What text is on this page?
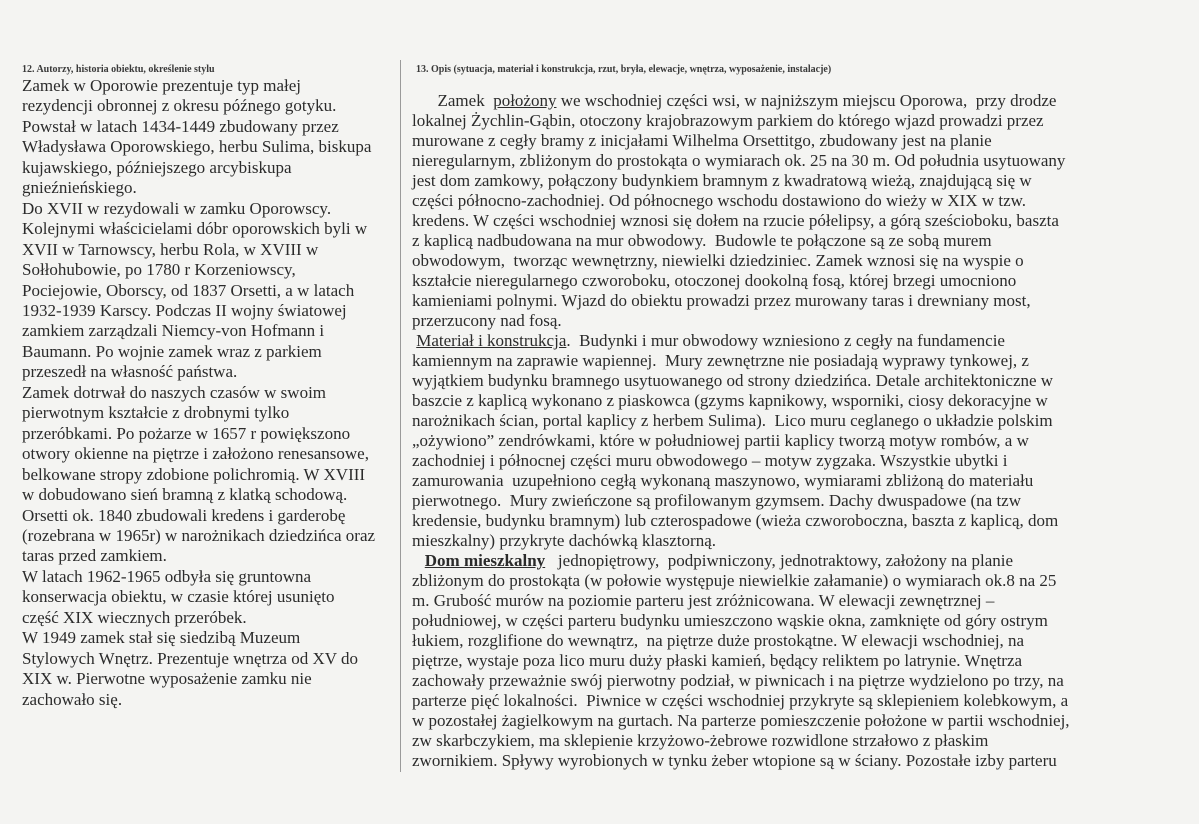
12. Autorzy, historia obiektu, określenie stylu
Zamek w Oporowie prezentuje typ małej
rezydencji obronnej z okresu późnego gotyku.
Powstał w latach 1434-1449 zbudowany przez
Władysława Oporowskiego, herbu Sulima, biskupa
kujawskiego, późniejszego arcybiskupa
gnieźnieńskiego.
Do XVII w rezydowali w zamku Oporowscy.
Kolejnymi właścicielami dóbr oporowskich byli w
XVII w Tarnowscy, herbu Rola, w XVIII w
Sołłohubowie, po 1780 r Korzeniowscy,
Pociejowie, Oborscy, od 1837 Orsetti, a w latach
1932-1939 Karscy. Podczas II wojny światowej
zamkiem zarządzali Niemcy-von Hofmann i
Baumann. Po wojnie zamek wraz z parkiem
przeszedł na własność państwa.
Zamek dotrwał do naszych czasów w swoim
pierwotnym kształcie z drobnymi tylko
przeróbkami. Po pożarze w 1657 r powiększono
otwory okienne na piętrze i założono renesansowe,
belkowane stropy zdobione polichromią. W XVIII
w dobudowano sień bramną z klatką schodową.
Orsetti ok. 1840 zbudowali kredens i garderobę
(rozebrana w 1965r) w narożnikach dziedzińca oraz
taras przed zamkiem.
W latach 1962-1965 odbyła się gruntowna
konserwacja obiektu, w czasie której usunięto
część XIX wiecznych przeróbek.
W 1949 zamek stał się siedzibą Muzeum
Stylowych Wnętrz. Prezentuje wnętrza od XV do
XIX w. Pierwotne wyposażenie zamku nie
zachowało się.
13. Opis (sytuacja, materiał i konstrukcja, rzut, bryła, elewacje, wnętrza, wyposażenie, instalacje)
Zamek  położony we wschodniej części wsi, w najniższym miejscu Oporowa,  przy drodze
lokalnej Żychlin-Gąbin, otoczony krajobrazowym parkiem do którego wjazd prowadzi przez
murowane z cegły bramy z inicjałami Wilhelma Orsettitgo, zbudowany jest na planie
nieregularnym, zbliżonym do prostokąta o wymiarach ok. 25 na 30 m. Od południa usytuowany
jest dom zamkowy, połączony budynkiem bramnym z kwadratową wieżą, znajdującą się w
części północno-zachodniej. Od północnego wschodu dostawiono do wieży w XIX w tzw.
kredens. W części wschodniej wznosi się dołem na rzucie półelipsy, a górą sześcioboku, baszta
z kaplicą nadbudowana na mur obwodowy.  Budowle te połączone są ze sobą murem
obwodowym,  tworząc wewnętrzny, niewielki dziedziniec. Zamek wznosi się na wyspie o
kształcie nieregularnego czworoboku, otoczonej dookolną fosą, której brzegi umocniono
kamieniami polnymi. Wjazd do obiektu prowadzi przez murowany taras i drewniany most,
przerzucony nad fosą.
Materiał i konstrukcja.  Budynki i mur obwodowy wzniesiono z cegły na fundamencie
kamiennym na zaprawie wapiennej.  Mury zewnętrzne nie posiadają wyprawy tynkowej, z
wyjątkiem budynku bramnego usytuowanego od strony dziedzińca. Detale architektoniczne w
baszcie z kaplicą wykonano z piaskowca (gzyms kapnikowy, wsporniki, ciosy dekoracyjne w
narożnikach ścian, portal kaplicy z herbem Sulima).  Lico muru ceglanego o układzie polskim
„ożywiono” zendrówkami, które w południowej partii kaplicy tworzą motyw rombów, a w
zachodniej i północnej części muru obwodowego – motyw zygzaka. Wszystkie ubytki i
zamurowania  uzupełniono cegłą wykonaną maszynowo, wymiarami zbliżoną do materiału
pierwotnego.  Mury zwieńczone są profilowanym gzymsem. Dachy dwuspadowe (na tzw
kredensie, budynku bramnym) lub czterospadowe (wieża czworoboczna, baszta z kaplicą, dom
mieszkalny) przykryte dachówką klasztorną.
Dom mieszkalny   jednopiętrowy,  podpiwniczony, jednotraktowy, założony na planie
zbliżonym do prostokąta (w połowie występuje niewielkie załamanie) o wymiarach ok.8 na 25
m. Grubość murów na poziomie parteru jest zróżnicowana. W elewacji zewnętrznej –
południowej, w części parteru budynku umieszczono wąskie okna, zamknięte od góry ostrym
łukiem, rozglifione do wewnątrz,  na piętrze duże prostokątne. W elewacji wschodniej, na
piętrze, wystaje poza lico muru duży płaski kamień, będący reliktem po latrynie. Wnętrza
zachowały przeważnie swój pierwotny podział, w piwnicach i na piętrze wydzielono po trzy, na
parterze pięć lokalności.  Piwnice w części wschodniej przykryte są sklepieniem kolebkowym, a
w pozostałej żagielkowym na gurtach. Na parterze pomieszczenie położone w partii wschodniej,
zw skarbczykiem, ma sklepienie krzyżowo-żebrowe rozwidlone strzałowo z płaskim
zwornikiem. Spływy wyrobionych w tynku żeber wtopione są w ściany. Pozostałe izby parteru
